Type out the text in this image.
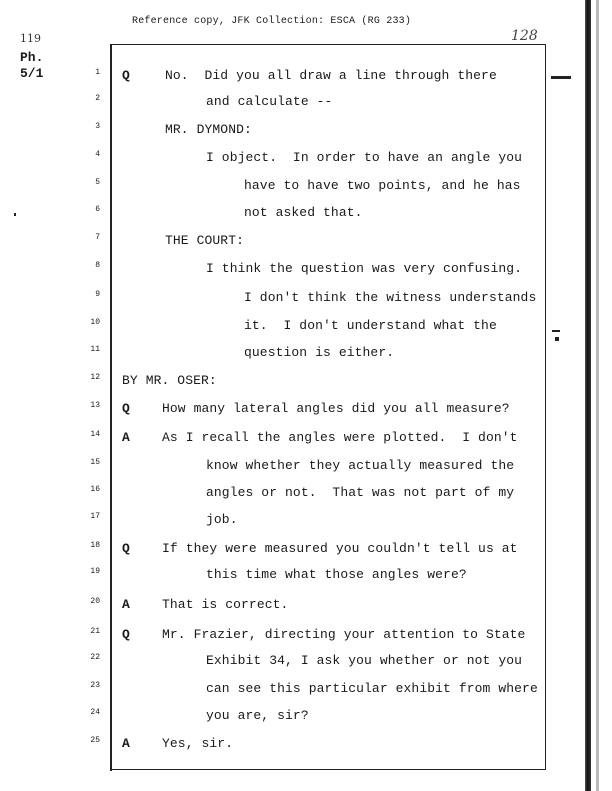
Reference copy, JFK Collection: ESCA (RG 233)
119	128
Ph.
5/1	1 Q	No.  Did you all draw a line through there
2	and calculate --
3	MR. DYMOND:
4	I object.  In order to have an angle you
5	have to have two points, and he has
6	not asked that.
7	THE COURT:
8	I think the question was very confusing.
9	I don't think the witness understands
10	it.  I don't understand what the
11	question is either.
12 BY MR. OSER:
13 Q How many lateral angles did you all measure?
14 A As I recall the angles were plotted.  I don't
15	know whether they actually measured the
16	angles or not.  That was not part of my
17	job.
18 Q If they were measured you couldn't tell us at
19	this time what those angles were?
20 A That is correct.
21 Q Mr. Frazier, directing your attention to State
22	Exhibit 34, I ask you whether or not you
23	can see this particular exhibit from where
24	you are, sir?
25 A Yes, sir.
